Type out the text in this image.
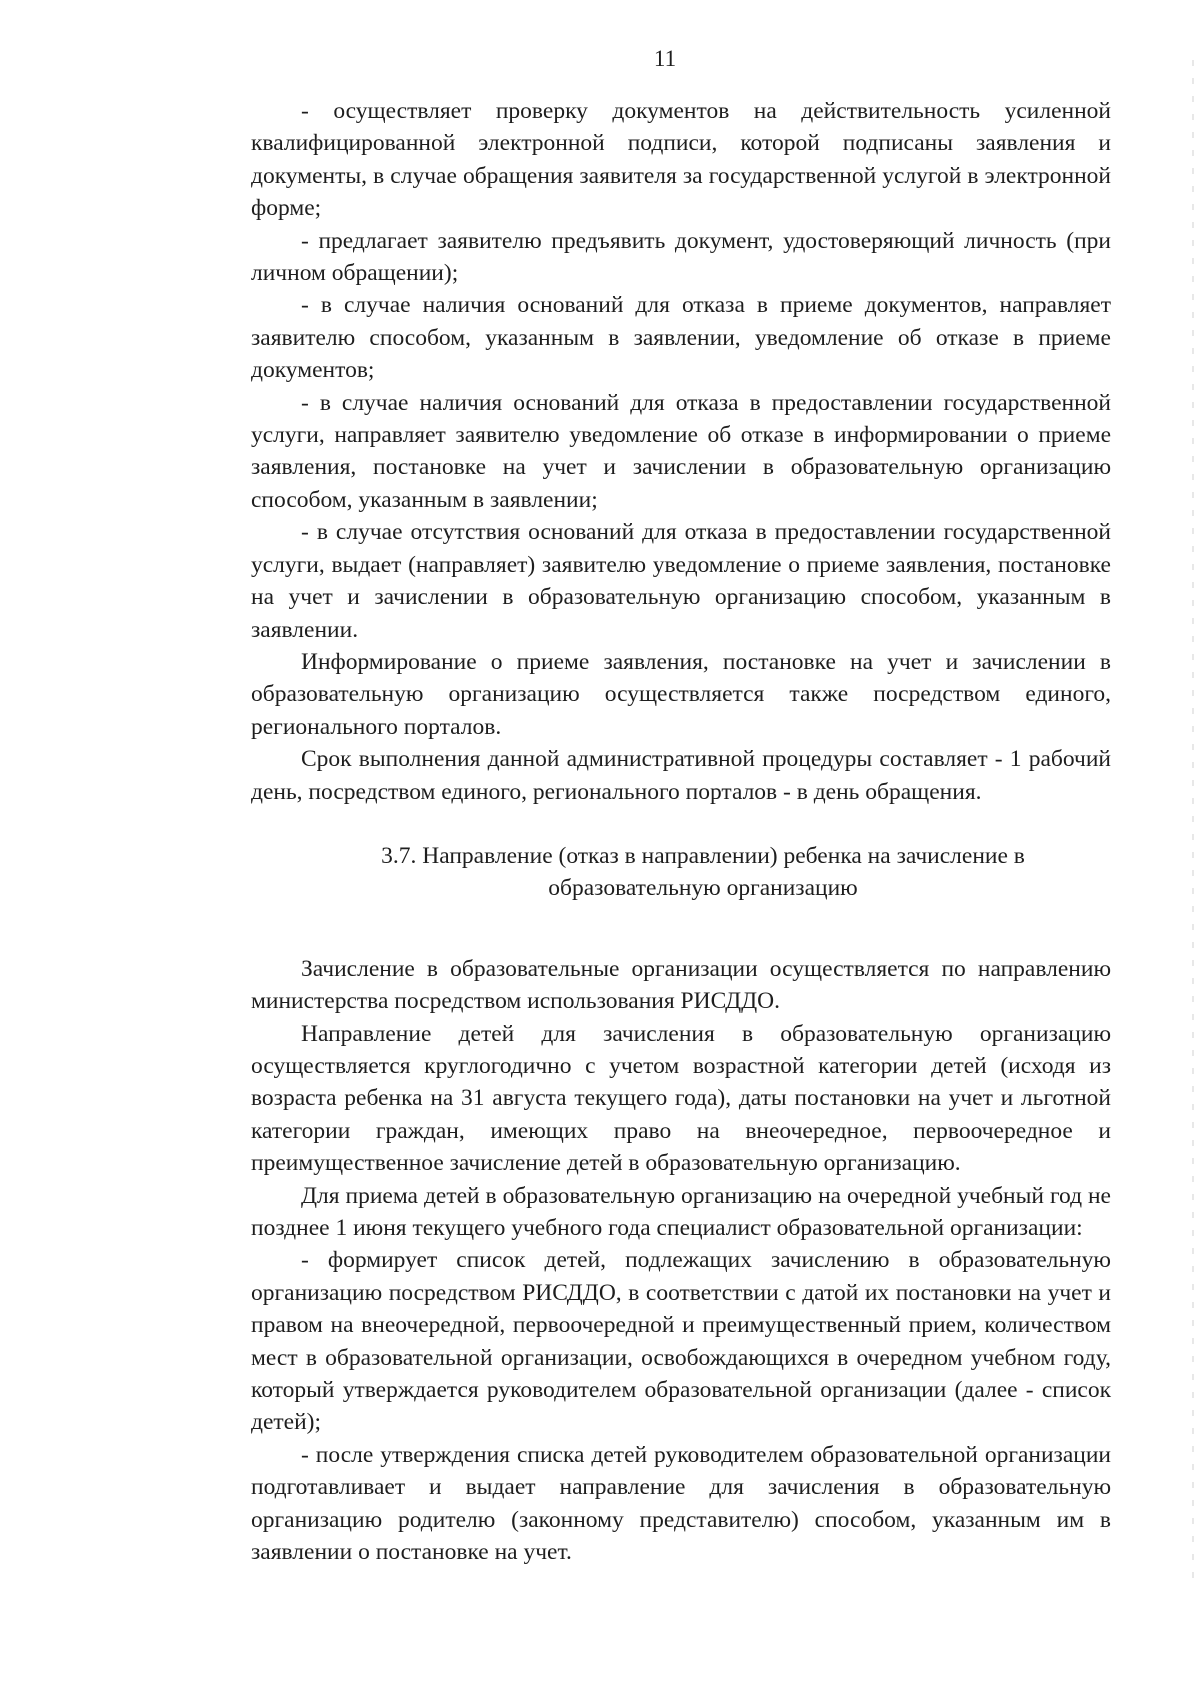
11

- осуществляет проверку документов на действительность усиленной квалифицированной электронной подписи, которой подписаны заявления и документы, в случае обращения заявителя за государственной услугой в электронной форме;

- предлагает заявителю предъявить документ, удостоверяющий личность (при личном обращении);

- в случае наличия оснований для отказа в приеме документов, направляет заявителю способом, указанным в заявлении, уведомление об отказе в приеме документов;

- в случае наличия оснований для отказа в предоставлении государственной услуги, направляет заявителю уведомление об отказе в информировании о приеме заявления, постановке на учет и зачислении в образовательную организацию способом, указанным в заявлении;

- в случае отсутствия оснований для отказа в предоставлении государственной услуги, выдает (направляет) заявителю уведомление о приеме заявления, постановке на учет и зачислении в образовательную организацию способом, указанным в заявлении.

Информирование о приеме заявления, постановке на учет и зачислении в образовательную организацию осуществляется также посредством единого, регионального порталов.

Срок выполнения данной административной процедуры составляет - 1 рабочий день, посредством единого, регионального порталов - в день обращения.

3.7. Направление (отказ в направлении) ребенка на зачисление в образовательную организацию

Зачисление в образовательные организации осуществляется по направлению министерства посредством использования РИСДДО.

Направление детей для зачисления в образовательную организацию осуществляется круглогодично с учетом возрастной категории детей (исходя из возраста ребенка на 31 августа текущего года), даты постановки на учет и льготной категории граждан, имеющих право на внеочередное, первоочередное и преимущественное зачисление детей в образовательную организацию.

Для приема детей в образовательную организацию на очередной учебный год не позднее 1 июня текущего учебного года специалист образовательной организации:

- формирует список детей, подлежащих зачислению в образовательную организацию посредством РИСДДО, в соответствии с датой их постановки на учет и правом на внеочередной, первоочередной и преимущественный прием, количеством мест в образовательной организации, освобождающихся в очередном учебном году, который утверждается руководителем образовательной организации (далее - список детей);

- после утверждения списка детей руководителем образовательной организации подготавливает и выдает направление для зачисления в образовательную организацию родителю (законному представителю) способом, указанным им в заявлении о постановке на учет.
